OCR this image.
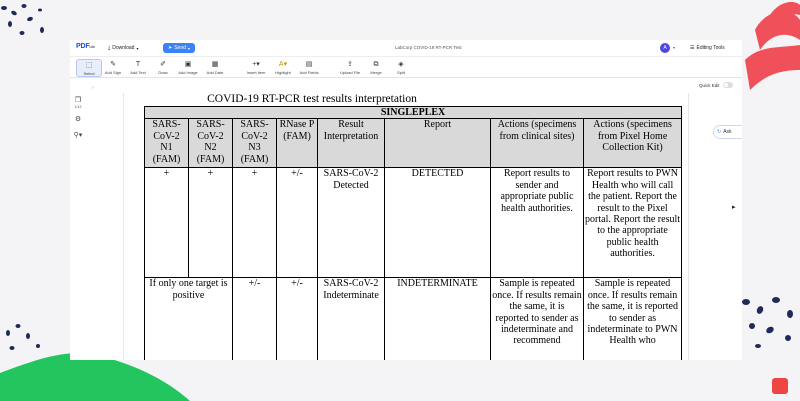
PDFLite	⤓ Download ▾	➤ Send ▾	LabCorp COVID-19 RT-PCR Test	A	▾	☰ Editing Tools
⬚
Select
✎
Add Sign
T
Add Text
✐
Draw
▣
Add Image
▦
Add Date
+▾
Insert item
A▾
Highlight
▤
Add Fields
⇪
Upload File
⧉
Merge
◈
Split
Quick Edit
❐
1/12
⚙
⚲▾
›
↻ Ask
▸
COVID-19 RT-PCR test results interpretation
SINGLEPLEX							
SARS-CoV-2 N1 (FAM)	SARS-CoV-2 N2 (FAM)	SARS-CoV-2 N3 (FAM)	RNase P (FAM)	Result Interpretation	Report	Actions (specimens from clinical sites)	Actions (specimens from Pixel Home Collection Kit)
+	+	+	+/-	SARS-CoV-2 Detected	DETECTED	Report results to sender and appropriate public health authorities.	Report results to PWN Health who will call the patient. Report the result to the Pixel portal. Report the result to the appropriate public health authorities.
If only one target is positive		+/-	+/-	SARS-CoV-2 Indeterminate	INDETERMINATE	Sample is repeated once. If results remain the same, it is reported to sender as indeterminate and recommend	Sample is repeated once. If results remain the same, it is reported to sender as indeterminate to PWN Health who
